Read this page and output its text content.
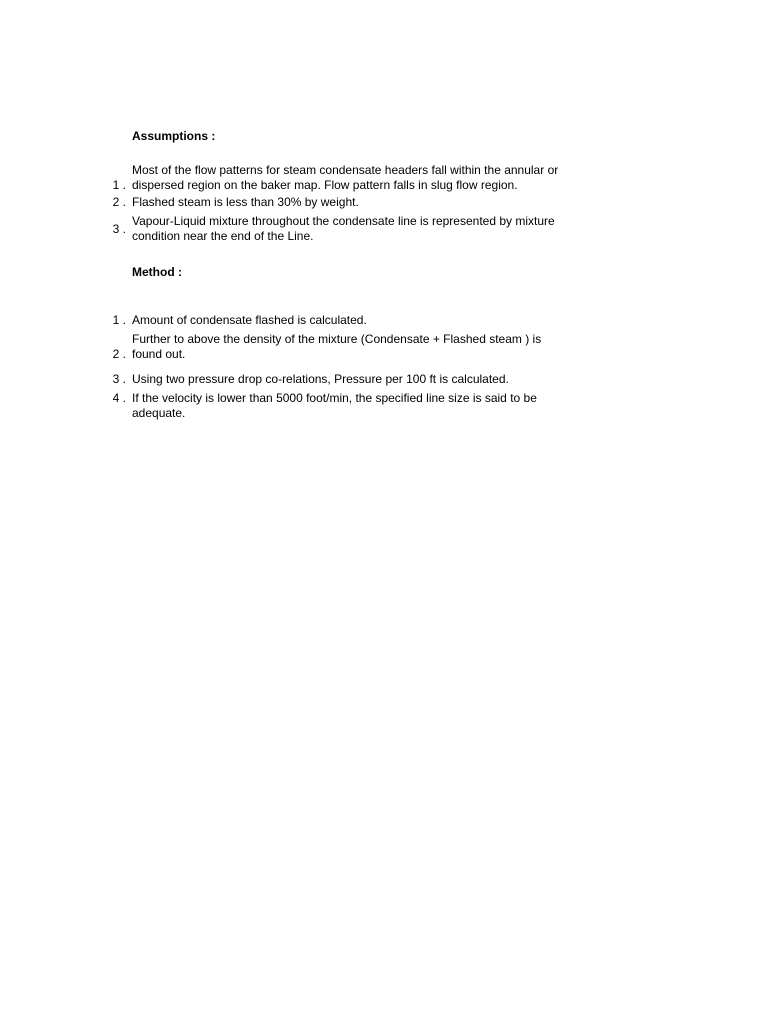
Assumptions :
1 .
Most of the flow patterns for steam condensate headers fall within the annular or
dispersed region on the baker map. Flow pattern falls in slug flow region.
2 . Flashed steam is less than 30% by weight.
3 .
Vapour-Liquid mixture throughout the condensate line is represented by mixture
condition near the end of the Line.
Method :
1 . Amount of condensate flashed is calculated.
2 .
Further to above the density of the mixture (Condensate + Flashed steam ) is
found out.
3 . Using two pressure drop co-relations, Pressure per 100 ft is calculated.
4 . If the velocity is lower than 5000 foot/min, the specified line size is said to be
adequate.
